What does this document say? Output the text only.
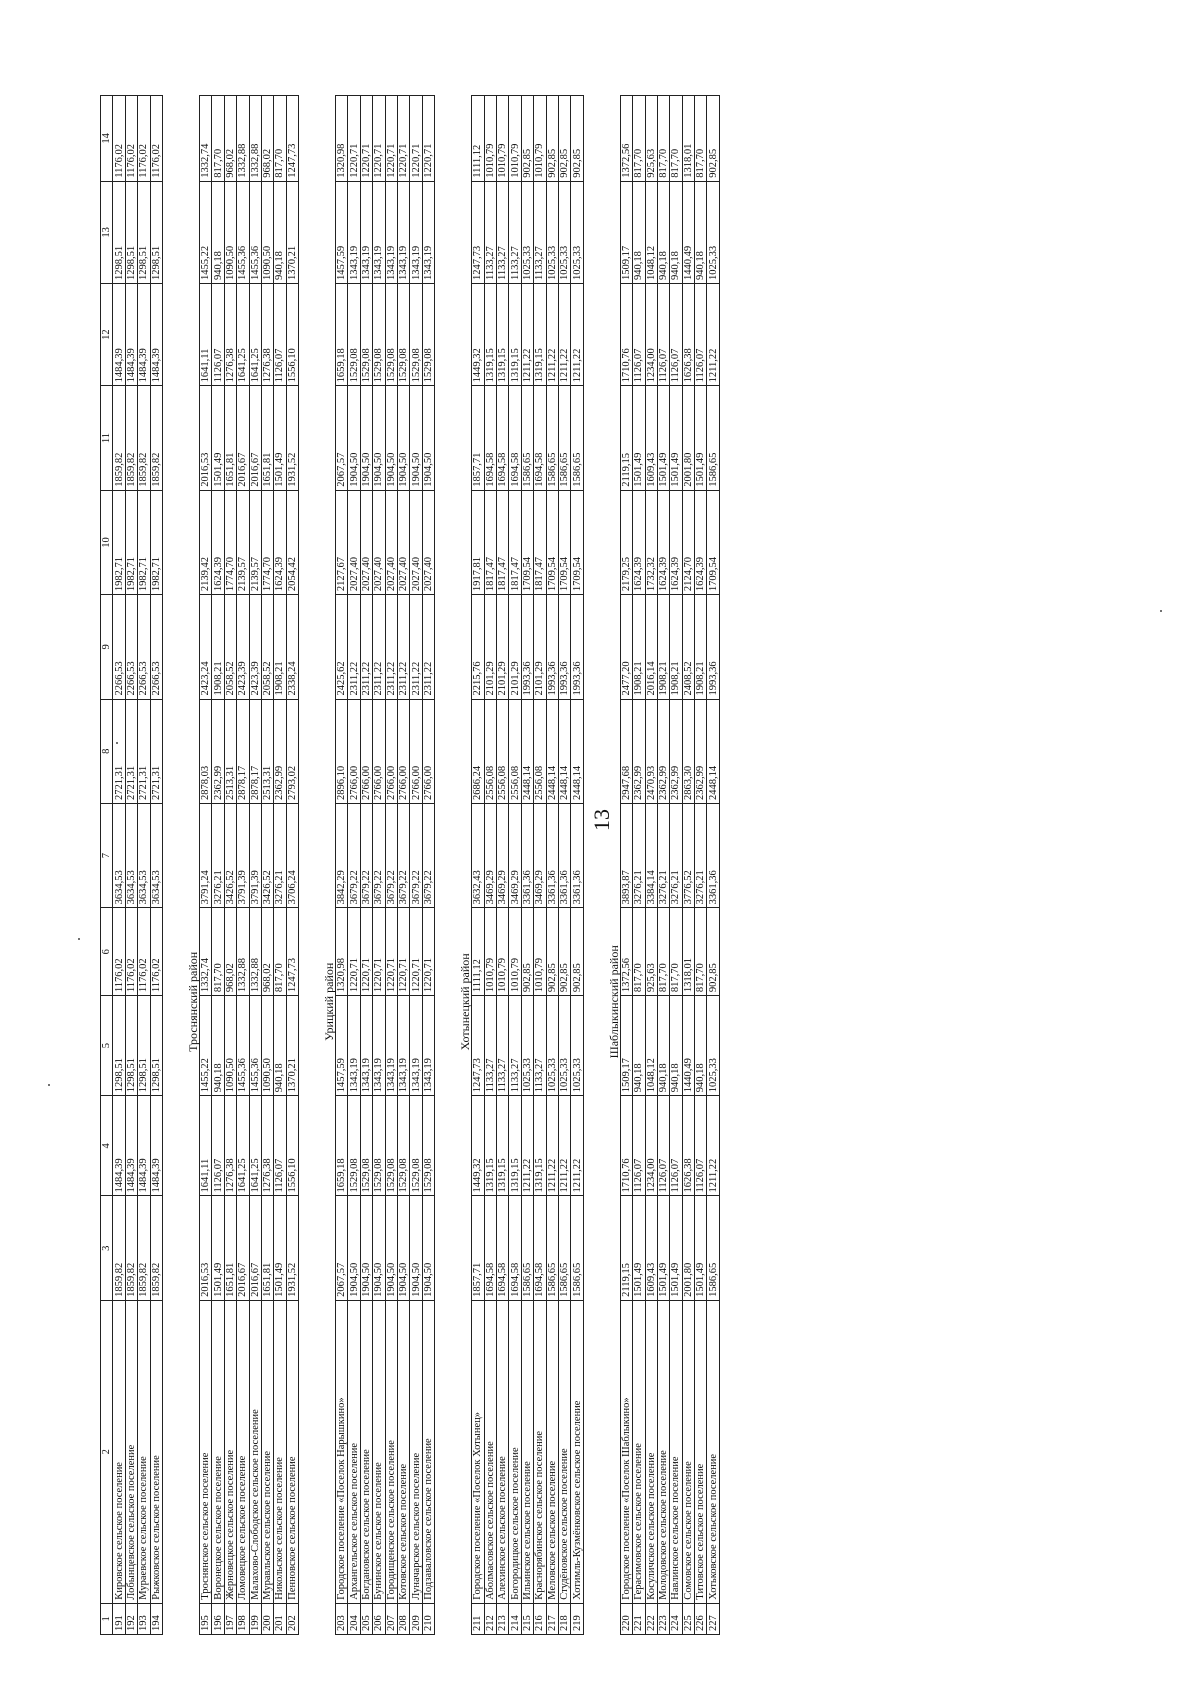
13
1	2	3	4	5	6	7	8	9	10	11	12	13	14
191	Кировское сельское поселение	1859,82	1484,39	1298,51	1176,02	3634,53	2721,31	2266,53	1982,71	1859,82	1484,39	1298,51	1176,02
192	Лобынцевское сельское поселение	1859,82	1484,39	1298,51	1176,02	3634,53	2721,31	2266,53	1982,71	1859,82	1484,39	1298,51	1176,02
193	Мураевское сельское поселение	1859,82	1484,39	1298,51	1176,02	3634,53	2721,31	2266,53	1982,71	1859,82	1484,39	1298,51	1176,02
194	Рыжковское сельское поселение	1859,82	1484,39	1298,51	1176,02	3634,53	2721,31	2266,53	1982,71	1859,82	1484,39	1298,51	1176,02

				Троснянский район									
195	Троснянское сельское поселение	2016,53	1641,11	1455,22	1332,74	3791,24	2878,03	2423,24	2139,42	2016,53	1641,11	1455,22	1332,74
196	Воронецкое сельское поселение	1501,49	1126,07	940,18	817,70	3276,21	2362,99	1908,21	1624,39	1501,49	1126,07	940,18	817,70
197	Жерновецкое сельское поселение	1651,81	1276,38	1090,50	968,02	3426,52	2513,31	2058,52	1774,70	1651,81	1276,38	1090,50	968,02
198	Ломовецкое сельское поселение	2016,67	1641,25	1455,36	1332,88	3791,39	2878,17	2423,39	2139,57	2016,67	1641,25	1455,36	1332,88
199	Малахово-Слободское сельское поселение	2016,67	1641,25	1455,36	1332,88	3791,39	2878,17	2423,39	2139,57	2016,67	1641,25	1455,36	1332,88
200	Муравльское сельское поселение	1651,81	1276,38	1090,50	968,02	3426,52	2513,31	2058,52	1774,70	1651,81	1276,38	1090,50	968,02
201	Никольское сельское поселение	1501,49	1126,07	940,18	817,70	3276,21	2362,99	1908,21	1624,39	1501,49	1126,07	940,18	817,70
202	Пенновское сельское поселение	1931,52	1556,10	1370,21	1247,73	3706,24	2793,02	2338,24	2054,42	1931,52	1556,10	1370,21	1247,73

				Урицкий район									
203	Городское поселение «Поселок Нарышкино»	2067,57	1659,18	1457,59	1320,98	3842,29	2896,10	2425,62	2127,67	2067,57	1659,18	1457,59	1320,98
204	Архангельское сельское поселение	1904,50	1529,08	1343,19	1220,71	3679,22	2766,00	2311,22	2027,40	1904,50	1529,08	1343,19	1220,71
205	Богдановское сельское поселение	1904,50	1529,08	1343,19	1220,71	3679,22	2766,00	2311,22	2027,40	1904,50	1529,08	1343,19	1220,71
206	Бунинское сельское поселение	1904,50	1529,08	1343,19	1220,71	3679,22	2766,00	2311,22	2027,40	1904,50	1529,08	1343,19	1220,71
207	Городищенское сельское поселение	1904,50	1529,08	1343,19	1220,71	3679,22	2766,00	2311,22	2027,40	1904,50	1529,08	1343,19	1220,71
208	Котовское сельское поселение	1904,50	1529,08	1343,19	1220,71	3679,22	2766,00	2311,22	2027,40	1904,50	1529,08	1343,19	1220,71
209	Луначарское сельское поселение	1904,50	1529,08	1343,19	1220,71	3679,22	2766,00	2311,22	2027,40	1904,50	1529,08	1343,19	1220,71
210	Подзаваловское сельское поселение	1904,50	1529,08	1343,19	1220,71	3679,22	2766,00	2311,22	2027,40	1904,50	1529,08	1343,19	1220,71

				Хотынецкий район									
211	Городское поселение «Поселок Хотынец»	1857,71	1449,32	1247,73	1111,12	3632,43	2686,24	2215,76	1917,81	1857,71	1449,32	1247,73	1111,12
212	Аболмасовское сельское поселение	1694,58	1319,15	1133,27	1010,79	3469,29	2556,08	2101,29	1817,47	1694,58	1319,15	1133,27	1010,79
213	Алехинское сельское поселение	1694,58	1319,15	1133,27	1010,79	3469,29	2556,08	2101,29	1817,47	1694,58	1319,15	1133,27	1010,79
214	Богородицкое сельское поселение	1694,58	1319,15	1133,27	1010,79	3469,29	2556,08	2101,29	1817,47	1694,58	1319,15	1133,27	1010,79
215	Ильинское сельское поселение	1586,65	1211,22	1025,33	902,85	3361,36	2448,14	1993,36	1709,54	1586,65	1211,22	1025,33	902,85
216	Краснорябинское сельское поселение	1694,58	1319,15	1133,27	1010,79	3469,29	2556,08	2101,29	1817,47	1694,58	1319,15	1133,27	1010,79
217	Меловское сельское поселение	1586,65	1211,22	1025,33	902,85	3361,36	2448,14	1993,36	1709,54	1586,65	1211,22	1025,33	902,85
218	Студёновское сельское поселение	1586,65	1211,22	1025,33	902,85	3361,36	2448,14	1993,36	1709,54	1586,65	1211,22	1025,33	902,85
219	Хотимль-Кузмёнковское сельское поселение	1586,65	1211,22	1025,33	902,85	3361,36	2448,14	1993,36	1709,54	1586,65	1211,22	1025,33	902,85

				Шаблыкинский район									
220	Городское поселение «Поселок Шаблыкино»	2119,15	1710,76	1509,17	1372,56	3893,87	2947,68	2477,20	2179,25	2119,15	1710,76	1509,17	1372,56
221	Герасимовское сельское поселение	1501,49	1126,07	940,18	817,70	3276,21	2362,99	1908,21	1624,39	1501,49	1126,07	940,18	817,70
222	Косуличское сельское поселение	1609,43	1234,00	1048,12	925,63	3384,14	2470,93	2016,14	1732,32	1609,43	1234,00	1048,12	925,63
223	Молодовское сельское поселение	1501,49	1126,07	940,18	817,70	3276,21	2362,99	1908,21	1624,39	1501,49	1126,07	940,18	817,70
224	Навлинское сельское поселение	1501,49	1126,07	940,18	817,70	3276,21	2362,99	1908,21	1624,39	1501,49	1126,07	940,18	817,70
225	Сомовское сельское поселение	2001,80	1626,38	1440,49	1318,01	3776,52	2863,30	2408,52	2124,70	2001,80	1626,38	1440,49	1318,01
226	Титовское сельское поселение	1501,49	1126,07	940,18	817,70	3276,21	2362,99	1908,21	1624,39	1501,49	1126,07	940,18	817,70
227	Хотьковское сельское поселение	1586,65	1211,22	1025,33	902,85	3361,36	2448,14	1993,36	1709,54	1586,65	1211,22	1025,33	902,85
